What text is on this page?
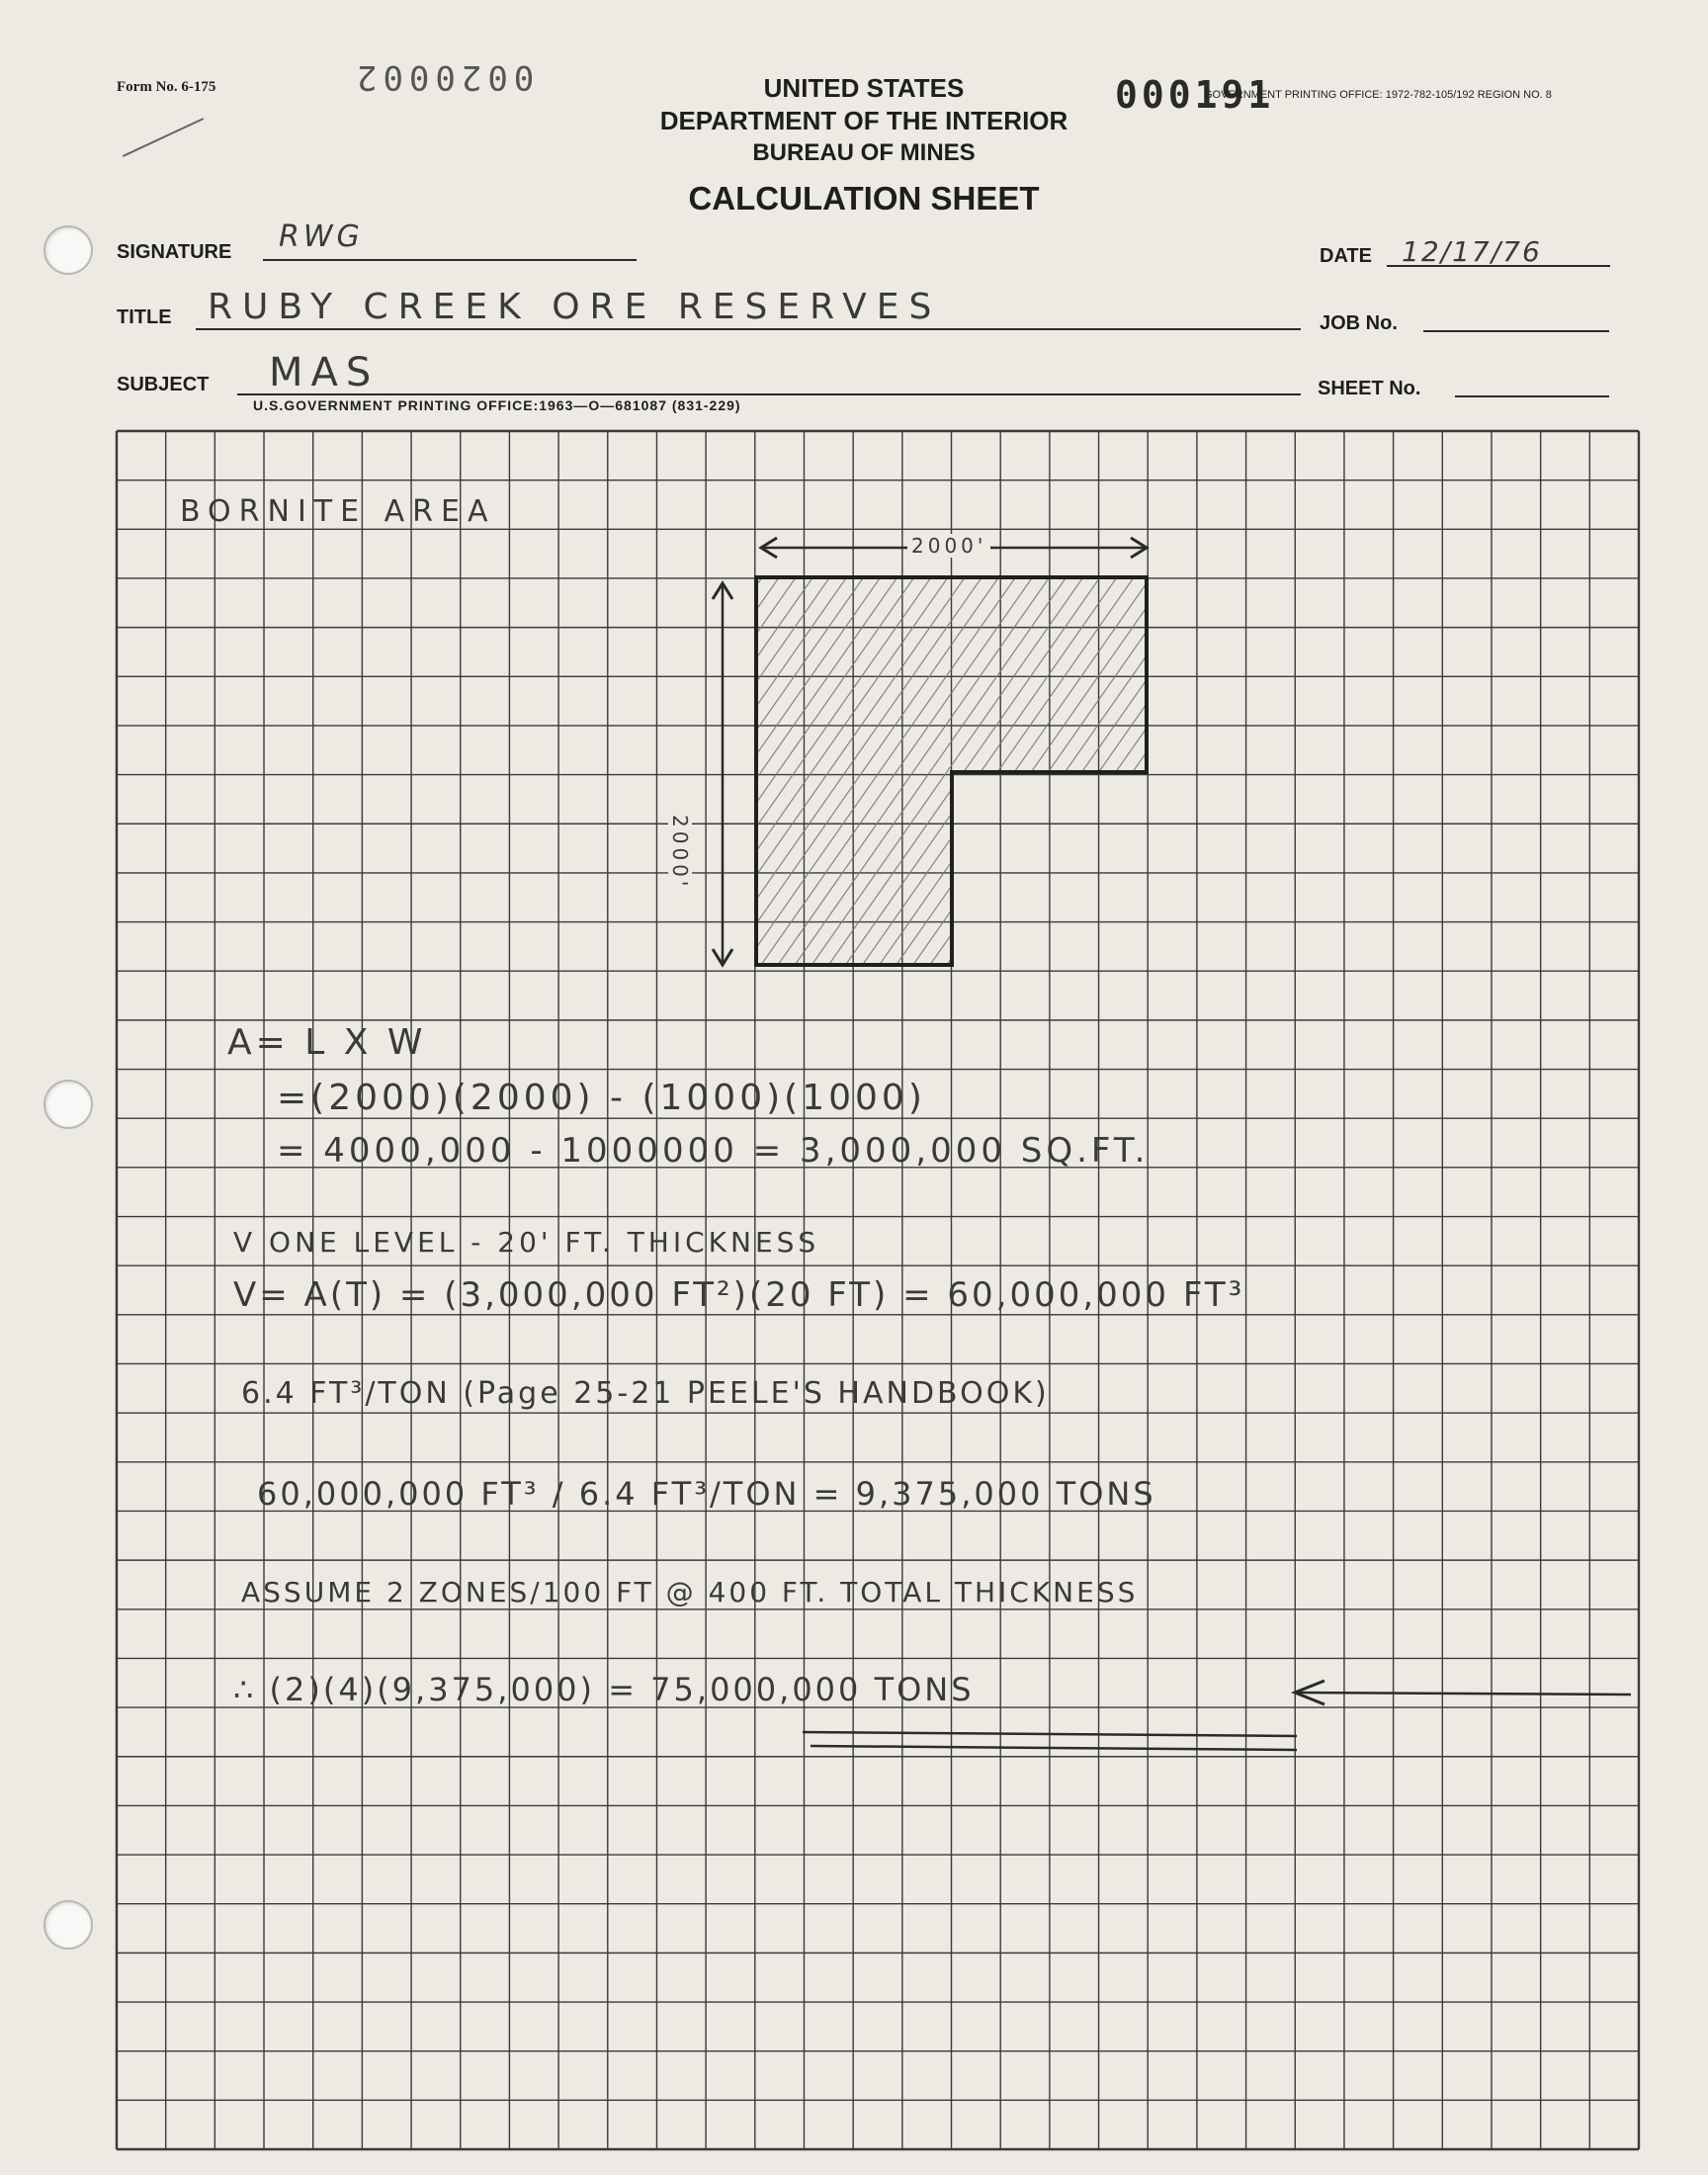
Form No. 6-175	0020002	000191
GOVERNMENT PRINTING OFFICE: 1972-782-105/192 REGION NO. 8
UNITED STATES
DEPARTMENT OF THE INTERIOR
BUREAU OF MINES
CALCULATION SHEET
SIGNATURE RWG
DATE 12/17/76
TITLE RUBY CREEK ORE RESERVES	JOB No.
SUBJECT MAS	SHEET No.
U.S.GOVERNMENT PRINTING OFFICE:1963—O—681087 (831-229)
BORNITE AREA
2000'
2000'
A= L X W
=(2000)(2000) - (1000)(1000)
= 4000,000 - 1000000 = 3,000,000 SQ.FT.
V ONE LEVEL - 20' FT. THICKNESS
V= A(T) = (3,000,000 FT²)(20 FT) = 60,000,000 FT³
6.4 FT³/TON (Page 25-21 PEELE'S HANDBOOK)
60,000,000 FT³ / 6.4 FT³/TON = 9,375,000 TONS
ASSUME 2 ZONES/100 FT @ 400 FT. TOTAL THICKNESS
∴ (2)(4)(9,375,000) = 75,000,000 TONS
